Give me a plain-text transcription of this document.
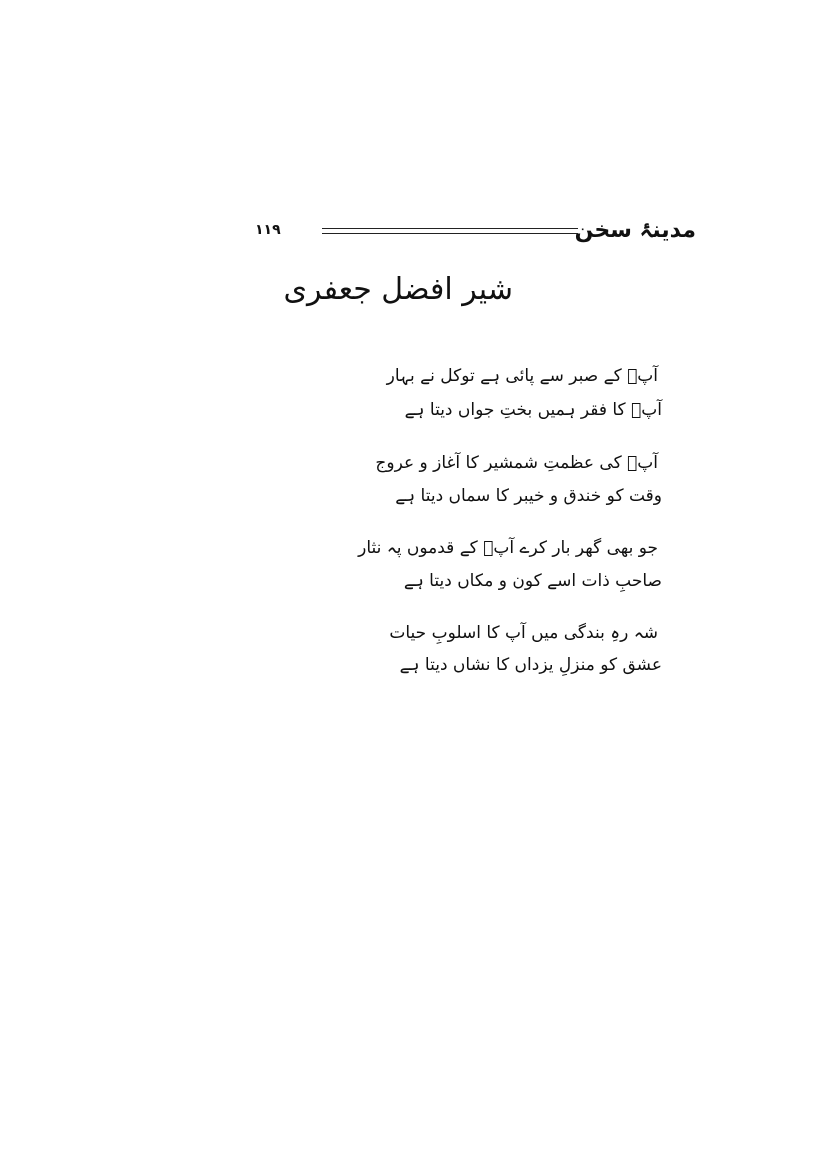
مدینۂ سخن
۱۱۹
شیر افضل جعفری
آپؐ کے صبر سے پائی ہے توکل نے بہار
آپؐ کا فقر ہمیں بختِ جواں دیتا ہے
آپؐ کی عظمتِ شمشیر کا آغاز و عروج
وقت کو خندق و خیبر کا سماں دیتا ہے
جو بھی گھر بار کرے آپؐ کے قدموں پہ نثار
صاحبِ ذات اسے کون و مکاں دیتا ہے
شہ رہِ بندگی میں آپ کا اسلوبِ حیات
عشق کو منزلِ یزداں کا نشاں دیتا ہے
